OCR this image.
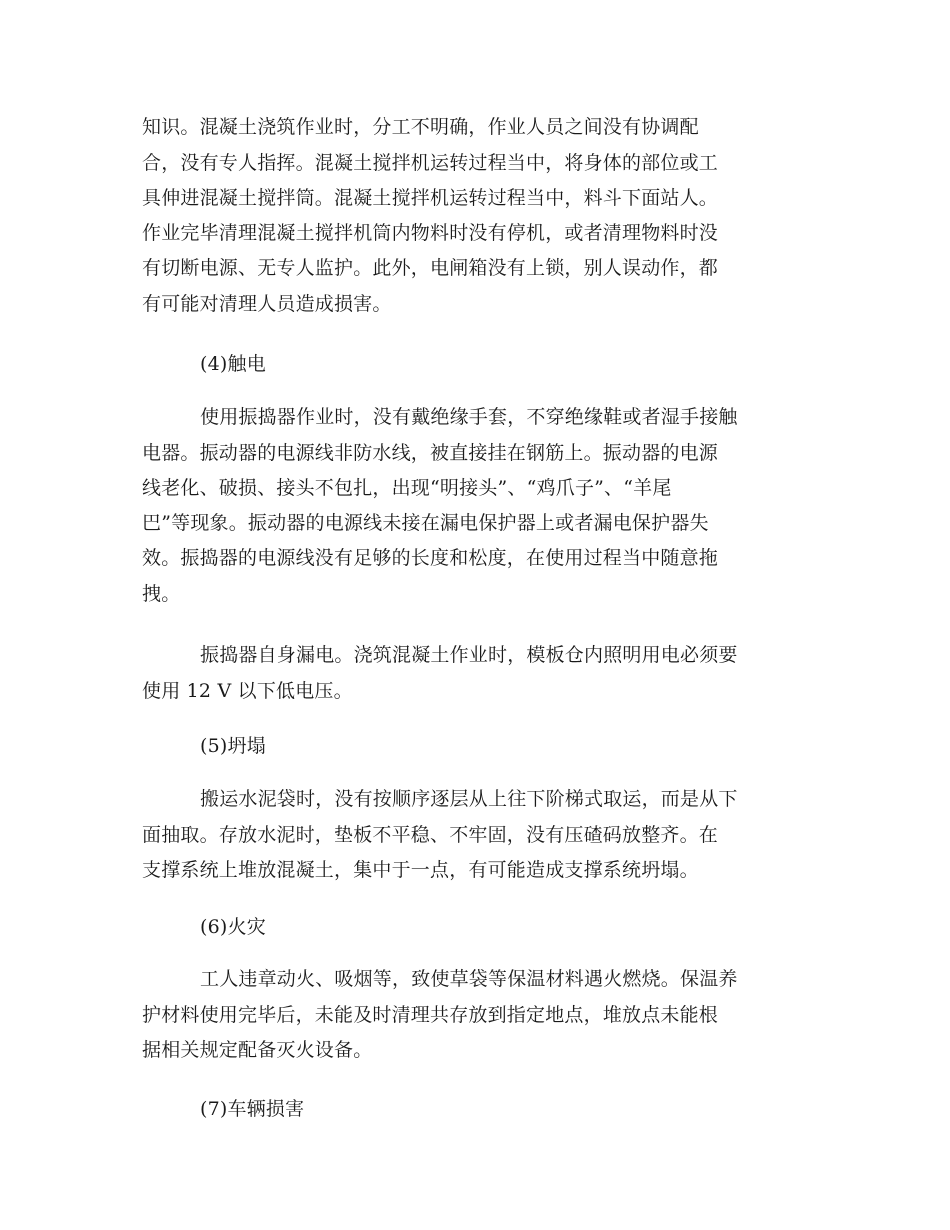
知识。混凝土浇筑作业时，分工不明确，作业人员之间没有协调配
合，没有专人指挥。混凝土搅拌机运转过程当中，将身体的部位或工
具伸进混凝土搅拌筒。混凝土搅拌机运转过程当中，料斗下面站人。
作业完毕清理混凝土搅拌机筒内物料时没有停机，或者清理物料时没
有切断电源、无专人监护。此外，电闸箱没有上锁，别人误动作，都
有可能对清理人员造成损害。
(4)触电
使用振捣器作业时，没有戴绝缘手套，不穿绝缘鞋或者湿手接触
电器。振动器的电源线非防水线，被直接挂在钢筋上。振动器的电源
线老化、破损、接头不包扎，出现“明接头”、“鸡爪子”、“羊尾
巴”等现象。振动器的电源线未接在漏电保护器上或者漏电保护器失
效。振捣器的电源线没有足够的长度和松度，在使用过程当中随意拖
拽。
振捣器自身漏电。浇筑混凝土作业时，模板仓内照明用电必须要
使用 12 V 以下低电压。
(5)坍塌
搬运水泥袋时，没有按顺序逐层从上往下阶梯式取运，而是从下
面抽取。存放水泥时，垫板不平稳、不牢固，没有压碴码放整齐。在
支撑系统上堆放混凝土，集中于一点，有可能造成支撑系统坍塌。
(6)火灾
工人违章动火、吸烟等，致使草袋等保温材料遇火燃烧。保温养
护材料使用完毕后，未能及时清理共存放到指定地点，堆放点未能根
据相关规定配备灭火设备。
(7)车辆损害
